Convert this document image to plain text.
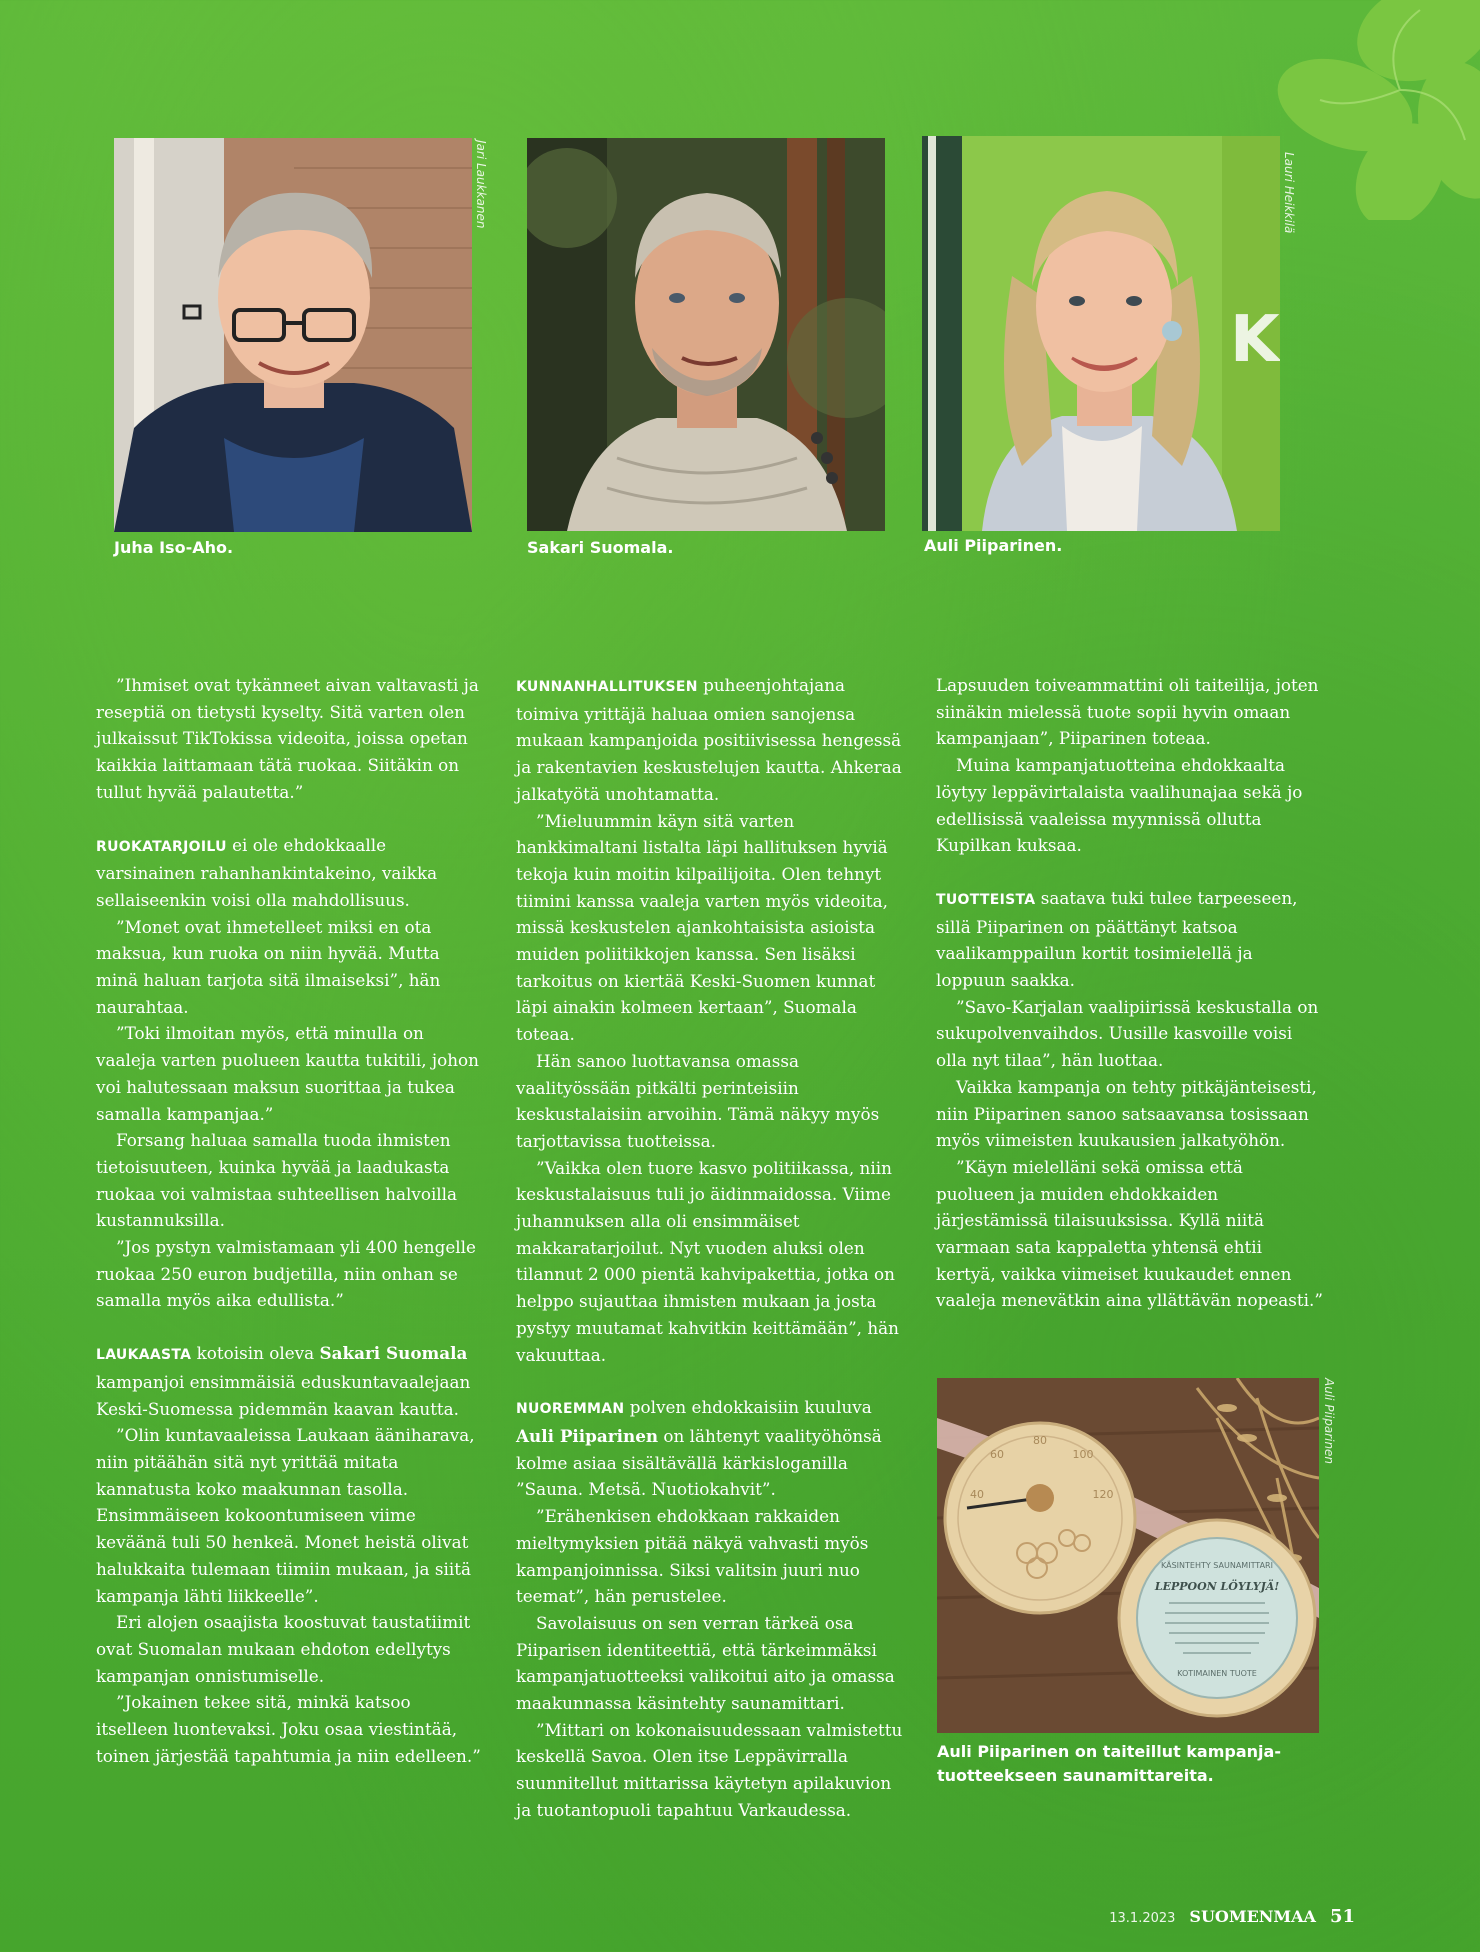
Jari Laukkanen
Juha Iso-Aho.	Sakari Suomala.
K
Lauri Heikkilä
Auli Piiparinen.

”Ihmiset ovat tykänneet aivan valtavasti ja reseptiä on tietysti kyselty. Sitä varten olen julkaissut TikTokissa videoita, joissa opetan kaikkia laittamaan tätä ruokaa. Siitäkin on tullut hyvää palautetta.”

RUOKATARJOILU ei ole ehdokkaalle varsinainen rahanhankintakeino, vaikka sellaiseenkin voisi olla mahdollisuus.

”Monet ovat ihmetelleet miksi en ota maksua, kun ruoka on niin hyvää. Mutta minä haluan tarjota sitä ilmaiseksi”, hän naurahtaa.

”Toki ilmoitan myös, että minulla on vaaleja varten puolueen kautta tukitili, johon voi halutessaan maksun suorittaa ja tukea samalla kampanjaa.”

Forsang haluaa samalla tuoda ihmisten tietoisuuteen, kuinka hyvää ja laadukasta ruokaa voi valmistaa suhteellisen halvoilla kustannuksilla.

”Jos pystyn valmistamaan yli 400 hengelle ruokaa 250 euron budjetilla, niin onhan se samalla myös aika edullista.”

LAUKAASTA kotoisin oleva Sakari Suomala kampanjoi ensimmäisiä eduskuntavaalejaan Keski-Suomessa pidemmän kaavan kautta.

”Olin kuntavaaleissa Laukaan ääniharava, niin pitäähän sitä nyt yrittää mitata kannatusta koko maakunnan tasolla. Ensimmäiseen kokoontumiseen viime keväänä tuli 50 henkeä. Monet heistä olivat halukkaita tulemaan tiimiin mukaan, ja siitä kampanja lähti liikkeelle”.

Eri alojen osaajista koostuvat taustatiimit ovat Suomalan mukaan ehdoton edellytys kampanjan onnistumiselle.

”Jokainen tekee sitä, minkä katsoo itselleen luontevaksi. Joku osaa viestintää, toinen järjestää tapahtumia ja niin edelleen.”

KUNNANHALLITUKSEN puheenjohtajana toimiva yrittäjä haluaa omien sanojensa mukaan kampanjoida positiivisessa hengessä ja rakentavien keskustelujen kautta. Ahkeraa jalkatyötä unohtamatta.

”Mieluummin käyn sitä varten hankkimaltani listalta läpi hallituksen hyviä tekoja kuin moitin kilpailijoita. Olen tehnyt tiimini kanssa vaaleja varten myös videoita, missä keskustelen ajankohtaisista asioista muiden poliitikkojen kanssa. Sen lisäksi tarkoitus on kiertää Keski-Suomen kunnat läpi ainakin kolmeen kertaan”, Suomala toteaa.

Hän sanoo luottavansa omassa vaalityössään pitkälti perinteisiin keskustalaisiin arvoihin. Tämä näkyy myös tarjottavissa tuotteissa.

”Vaikka olen tuore kasvo politiikassa, niin keskustalaisuus tuli jo äidinmaidossa. Viime juhannuksen alla oli ensimmäiset makkaratarjoilut. Nyt vuoden aluksi olen tilannut 2 000 pientä kahvipakettia, jotka on helppo sujauttaa ihmisten mukaan ja josta pystyy muutamat kahvitkin keittämään”, hän vakuuttaa.

NUOREMMAN polven ehdokkaisiin kuuluva Auli Piiparinen on lähtenyt vaalityöhönsä kolme asiaa sisältävällä kärkisloganilla ”Sauna. Metsä. Nuotiokahvit”.

”Erähenkisen ehdokkaan rakkaiden mieltymyksien pitää näkyä vahvasti myös kampanjoinnissa. Siksi valitsin juuri nuo teemat”, hän perustelee.

Savolaisuus on sen verran tärkeä osa Piiparisen identiteettiä, että tärkeimmäksi kampanjatuotteeksi valikoitui aito ja omassa maakunnassa käsintehty saunamittari.

”Mittari on kokonaisuudessaan valmistettu keskellä Savoa. Olen itse Leppävirralla suunnitellut mittarissa käytetyn apilakuvion ja tuotantopuoli tapahtuu Varkaudessa.

Lapsuuden toiveammattini oli taiteilija, joten siinäkin mielessä tuote sopii hyvin omaan kampanjaan”, Piiparinen toteaa.

Muina kampanjatuotteina ehdokkaalta löytyy leppävirtalaista vaalihunajaa sekä jo edellisissä vaaleissa myynnissä ollutta Kupilkan kuksaa.

TUOTTEISTA saatava tuki tulee tarpeeseen, sillä Piiparinen on päättänyt katsoa vaalikamppailun kortit tosimielellä ja loppuun saakka.

”Savo-Karjalan vaalipiirissä keskustalla on sukupolvenvaihdos. Uusille kasvoille voisi olla nyt tilaa”, hän luottaa.

Vaikka kampanja on tehty pitkäjänteisesti, niin Piiparinen sanoo satsaavansa tosissaan myös viimeisten kuukausien jalkatyöhön.

”Käyn mielelläni sekä omissa että puolueen ja muiden ehdokkaiden järjestämissä tilaisuuksissa. Kyllä niitä varmaan sata kappaletta yhtensä ehtii kertyä, vaikka viimeiset kuukaudet ennen vaaleja menevätkin aina yllättävän nopeasti.”

40
60
80
100
120
KÄSINTEHTY SAUNAMITTARI
LEPPOON LÖYLYJÄ!
KOTIMAINEN TUOTE
Auli Piiparinen
Auli Piiparinen on taiteillut kampanja-
tuotteekseen saunamittareita.
13.1.2023 SUOMENMAA 51
